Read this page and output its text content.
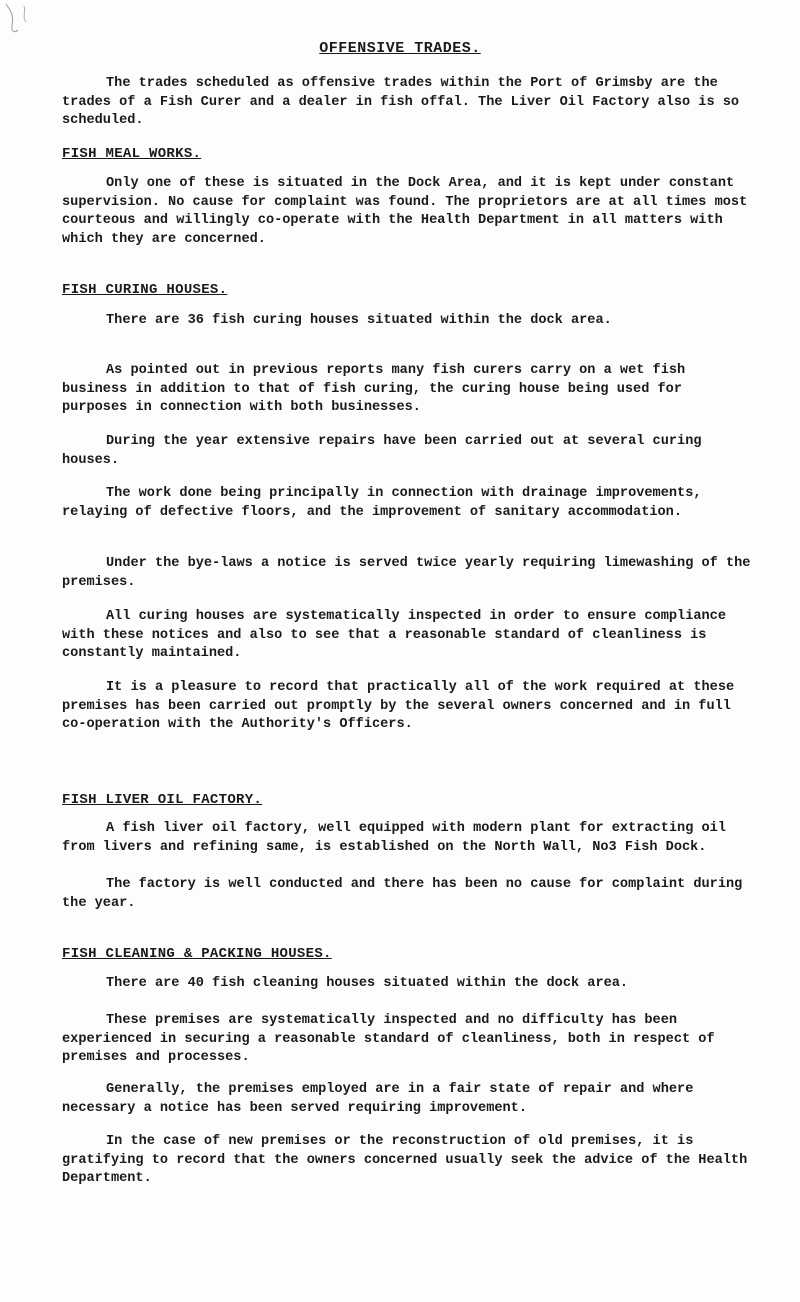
OFFENSIVE TRADES.

The trades scheduled as offensive trades within the Port of Grimsby are the trades of a Fish Curer and a dealer in fish offal. The Liver Oil Factory also is so scheduled.

FISH MEAL WORKS.

Only one of these is situated in the Dock Area, and it is kept under constant supervision. No cause for complaint was found. The proprietors are at all times most courteous and willingly co-operate with the Health Department in all matters with which they are concerned.

FISH CURING HOUSES.

There are 36 fish curing houses situated within the dock area.

As pointed out in previous reports many fish curers carry on a wet fish business in addition to that of fish curing, the curing house being used for purposes in connection with both businesses.

During the year extensive repairs have been carried out at several curing houses.

The work done being principally in connection with drainage improvements, relaying of defective floors, and the improvement of sanitary accommodation.

Under the bye-laws a notice is served twice yearly requiring limewashing of the premises.

All curing houses are systematically inspected in order to ensure compliance with these notices and also to see that a reasonable standard of cleanliness is constantly maintained.

It is a pleasure to record that practically all of the work required at these premises has been carried out promptly by the several owners concerned and in full co-operation with the Authority's Officers.

FISH LIVER OIL FACTORY.

A fish liver oil factory, well equipped with modern plant for extracting oil from livers and refining same, is established on the North Wall, No3 Fish Dock.

The factory is well conducted and there has been no cause for complaint during the year.

FISH CLEANING & PACKING HOUSES.

There are 40 fish cleaning houses situated within the dock area.

These premises are systematically inspected and no difficulty has been experienced in securing a reasonable standard of cleanliness, both in respect of premises and processes.

Generally, the premises employed are in a fair state of repair and where necessary a notice has been served requiring improvement.

In the case of new premises or the reconstruction of old premises, it is gratifying to record that the owners concerned usually seek the advice of the Health Department.
